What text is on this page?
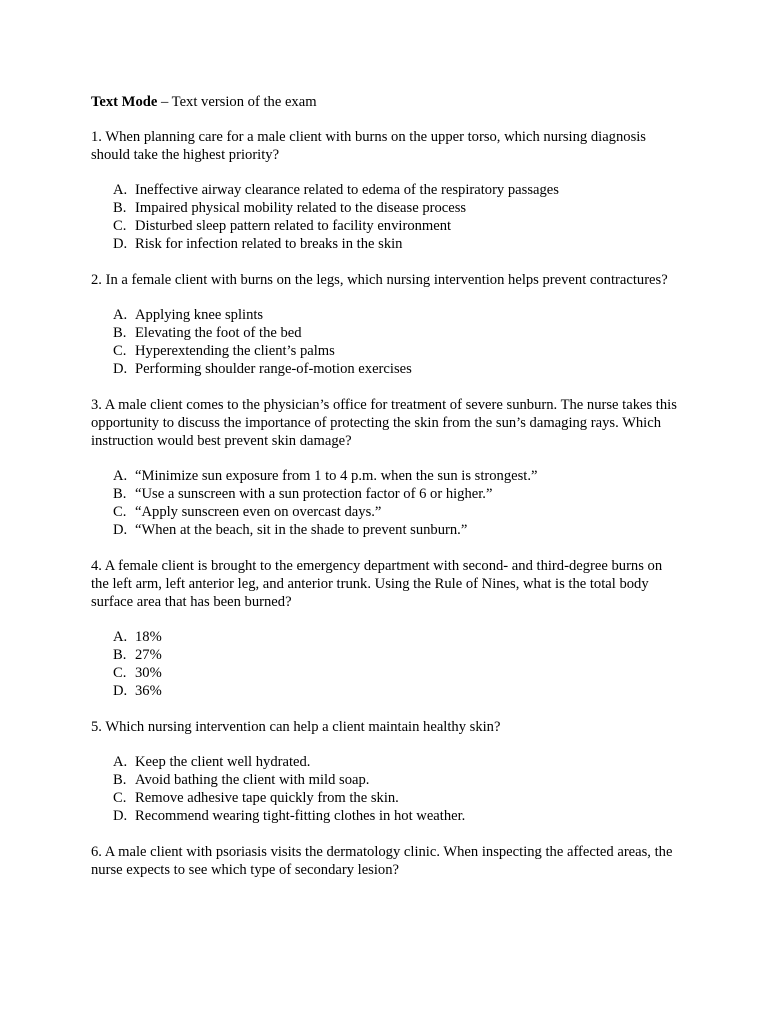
Text Mode – Text version of the exam

1. When planning care for a male client with burns on the upper torso, which nursing diagnosis should take the highest priority?

A. Ineffective airway clearance related to edema of the respiratory passages
B. Impaired physical mobility related to the disease process
C. Disturbed sleep pattern related to facility environment
D. Risk for infection related to breaks in the skin

2. In a female client with burns on the legs, which nursing intervention helps prevent contractures?

A. Applying knee splints
B. Elevating the foot of the bed
C. Hyperextending the client’s palms
D. Performing shoulder range-of-motion exercises

3. A male client comes to the physician’s office for treatment of severe sunburn. The nurse takes this opportunity to discuss the importance of protecting the skin from the sun’s damaging rays. Which instruction would best prevent skin damage?

A. “Minimize sun exposure from 1 to 4 p.m. when the sun is strongest.”
B. “Use a sunscreen with a sun protection factor of 6 or higher.”
C. “Apply sunscreen even on overcast days.”
D. “When at the beach, sit in the shade to prevent sunburn.”

4. A female client is brought to the emergency department with second- and third-degree burns on the left arm, left anterior leg, and anterior trunk. Using the Rule of Nines, what is the total body surface area that has been burned?

A. 18%
B. 27%
C. 30%
D. 36%

5. Which nursing intervention can help a client maintain healthy skin?

A. Keep the client well hydrated.
B. Avoid bathing the client with mild soap.
C. Remove adhesive tape quickly from the skin.
D. Recommend wearing tight-fitting clothes in hot weather.

6. A male client with psoriasis visits the dermatology clinic. When inspecting the affected areas, the nurse expects to see which type of secondary lesion?
